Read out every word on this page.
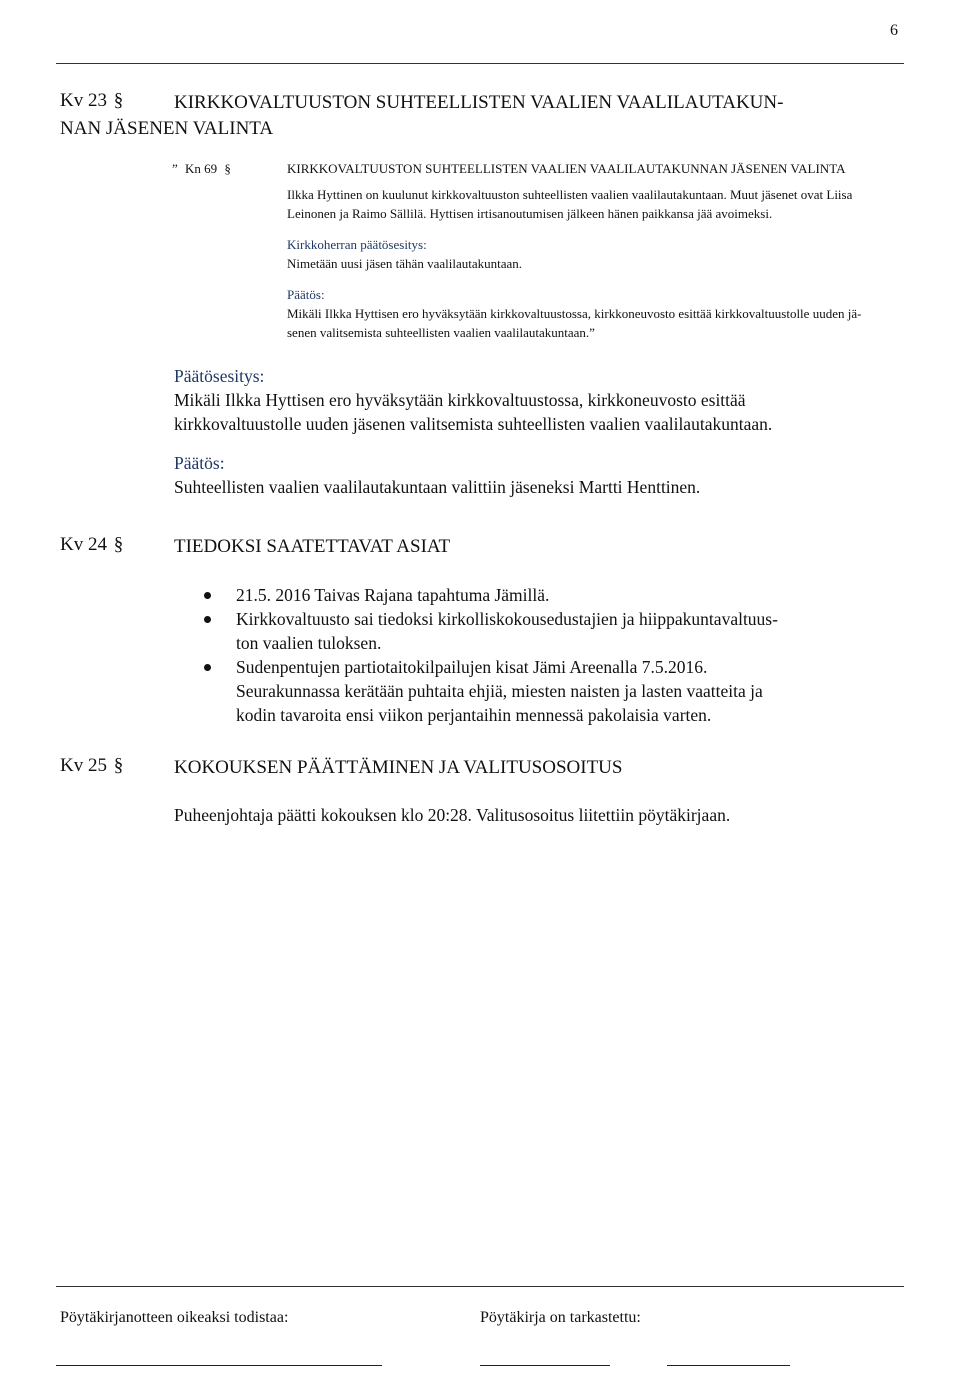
6
Kv 23 §	KIRKKOVALTUUSTON SUHTEELLISTEN VAALIEN VAALILAUTAKUN-
NAN JÄSENEN VALINTA
” Kn 69 §	KIRKKOVALTUUSTON SUHTEELLISTEN VAALIEN VAALILAUTAKUNNAN JÄSENEN VALINTA
Ilkka Hyttinen on kuulunut kirkkovaltuuston suhteellisten vaalien vaalilautakuntaan. Muut jäsenet ovat Liisa
Leinonen ja Raimo Sällilä. Hyttisen irtisanoutumisen jälkeen hänen paikkansa jää avoimeksi.
Kirkkoherran päätösesitys:
Nimetään uusi jäsen tähän vaalilautakuntaan.
Päätös:
Mikäli Ilkka Hyttisen ero hyväksytään kirkkovaltuustossa, kirkkoneuvosto esittää kirkkovaltuustolle uuden jä-
senen valitsemista suhteellisten vaalien vaalilautakuntaan.”
Päätösesitys:
Mikäli Ilkka Hyttisen ero hyväksytään kirkkovaltuustossa, kirkkoneuvosto esittää
kirkkovaltuustolle uuden jäsenen valitsemista suhteellisten vaalien vaalilautakuntaan.
Päätös:
Suhteellisten vaalien vaalilautakuntaan valittiin jäseneksi Martti Henttinen.
Kv 24 §	TIEDOKSI SAATETTAVAT ASIAT
21.5. 2016 Taivas Rajana tapahtuma Jämillä.
Kirkkovaltuusto sai tiedoksi kirkolliskokousedustajien ja hiippakuntavaltuus-
ton vaalien tuloksen.
Sudenpentujen partiotaitokilpailujen kisat Jämi Areenalla 7.5.2016.
Seurakunnassa kerätään puhtaita ehjiä, miesten naisten ja lasten vaatteita ja
kodin tavaroita ensi viikon perjantaihin mennessä pakolaisia varten.
Kv 25 §	KOKOUKSEN PÄÄTTÄMINEN JA VALITUSOSOITUS
Puheenjohtaja päätti kokouksen klo 20:28. Valitusosoitus liitettiin pöytäkirjaan.
Pöytäkirjanotteen oikeaksi todistaa:	Pöytäkirja on tarkastettu:
